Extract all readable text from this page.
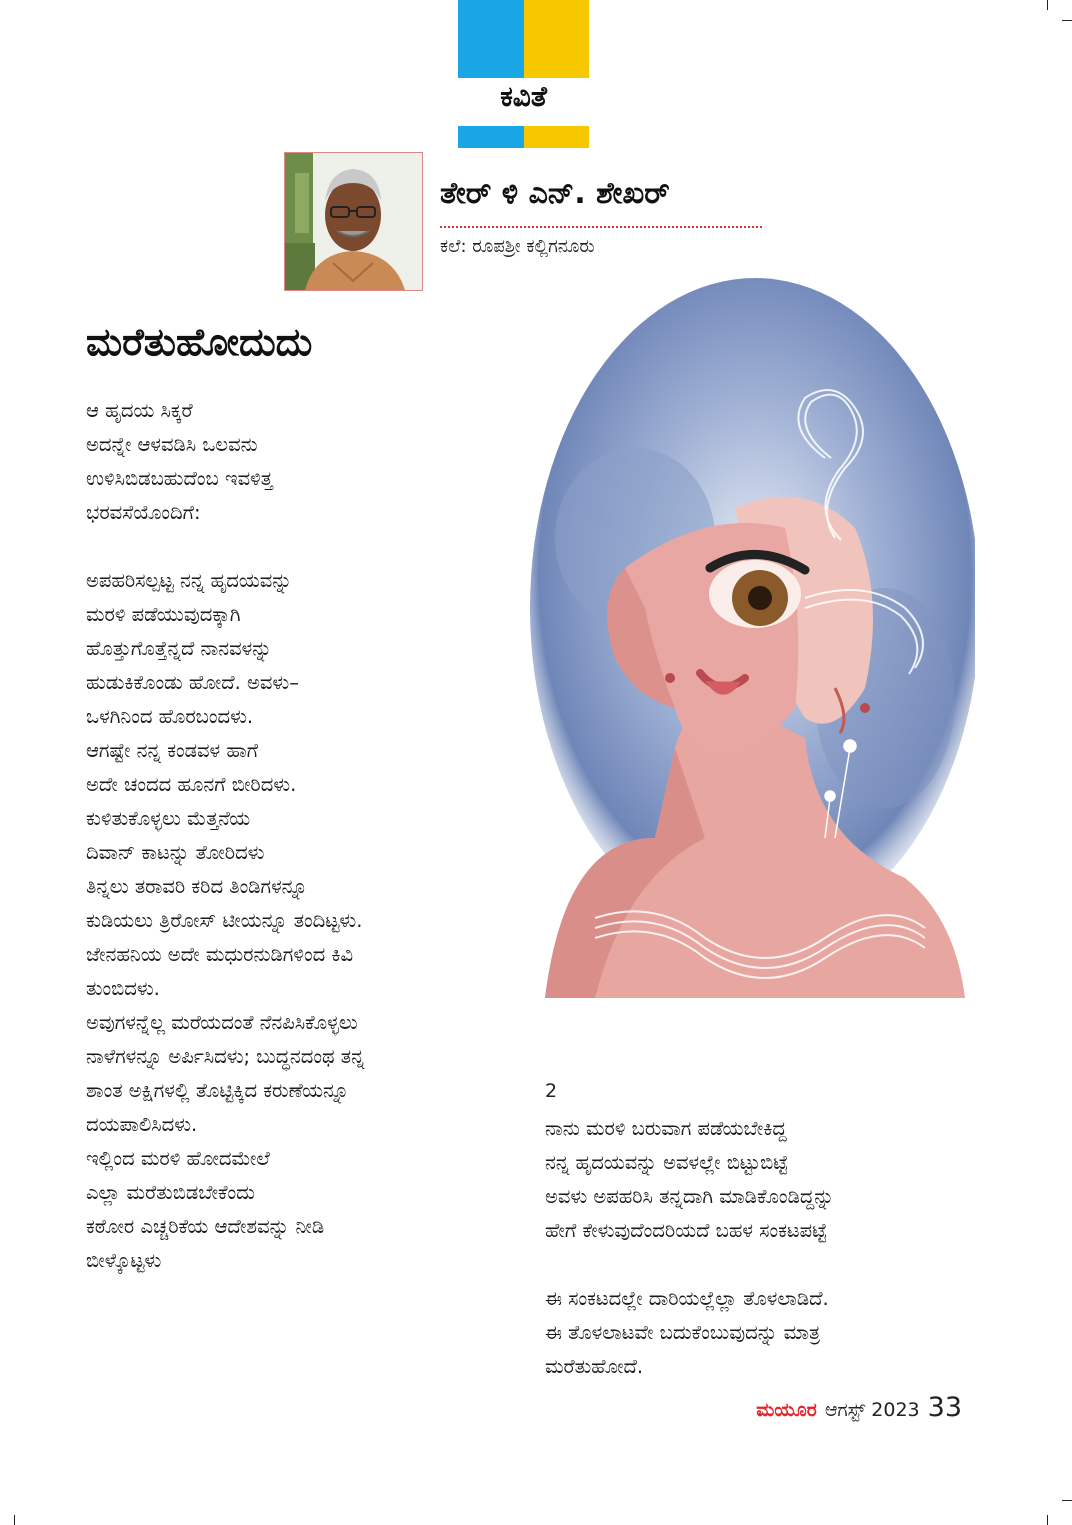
ಕವಿತೆ
ತೇರ್ ಳಿ ಎನ್. ಶೇಖರ್
ಕಲೆ: ರೂಪಶ್ರೀ ಕಲ್ಲಿಗನೂರು
ಮರೆತುಹೋದುದು
ಆ ಹೃದಯ ಸಿಕ್ಕರೆ
ಅದನ್ನೇ ಆಳವಡಿಸಿ ಒಲವನು
ಉಳಿಸಿಬಿಡಬಹುದೆಂಬ ಇವಳಿತ್ತ
ಭರವಸೆಯೊಂದಿಗೆ:
ಅಪಹರಿಸಲ್ಪಟ್ಟ ನನ್ನ ಹೃದಯವನ್ನು
ಮರಳಿ ಪಡೆಯುವುದಕ್ಕಾಗಿ
ಹೊತ್ತುಗೊತ್ತೆನ್ನದೆ ನಾನವಳನ್ನು
ಹುಡುಕಿಕೊಂಡು ಹೋದೆ. ಅವಳು–
ಒಳಗಿನಿಂದ ಹೊರಬಂದಳು.
ಆಗಷ್ಟೇ ನನ್ನ ಕಂಡವಳ ಹಾಗೆ
ಅದೇ ಚಂದದ ಹೂನಗೆ ಬೀರಿದಳು.
ಕುಳಿತುಕೊಳ್ಳಲು ಮೆತ್ತನೆಯ
ದಿವಾನ್ ಕಾಟನ್ನು ತೋರಿದಳು
ತಿನ್ನಲು ತರಾವರಿ ಕರಿದ ತಿಂಡಿಗಳನ್ನೂ
ಕುಡಿಯಲು ತ್ರಿರೋಸ್ ಟೀಯನ್ನೂ ತಂದಿಟ್ಟಳು.
ಜೇನಹನಿಯ ಅದೇ ಮಧುರನುಡಿಗಳಿಂದ ಕಿವಿ
ತುಂಬಿದಳು.
ಅವುಗಳನ್ನೆಲ್ಲ ಮರೆಯದಂತೆ ನೆನಪಿಸಿಕೊಳ್ಳಲು
ನಾಳೆಗಳನ್ನೂ ಅರ್ಪಿಸಿದಳು; ಬುದ್ಧನದಂಥ ತನ್ನ
ಶಾಂತ ಅಕ್ಷಿಗಳಲ್ಲಿ ತೊಟ್ಟಿಕ್ಕಿದ ಕರುಣೆಯನ್ನೂ
ದಯಪಾಲಿಸಿದಳು.
ಇಲ್ಲಿಂದ ಮರಳಿ ಹೋದಮೇಲೆ
ಎಲ್ಲಾ ಮರೆತುಬಿಡಬೇಕೆಂದು
ಕಠೋರ ಎಚ್ಚರಿಕೆಯ ಆದೇಶವನ್ನು ನೀಡಿ
ಬೀಳ್ಕೊಟ್ಟಳು
2
ನಾನು ಮರಳಿ ಬರುವಾಗ ಪಡೆಯಬೇಕಿದ್ದ
ನನ್ನ ಹೃದಯವನ್ನು ಅವಳಲ್ಲೇ ಬಿಟ್ಟುಬಿಟ್ಟೆ
ಅವಳು ಅಪಹರಿಸಿ ತನ್ನದಾಗಿ ಮಾಡಿಕೊಂಡಿದ್ದನ್ನು
ಹೇಗೆ ಕೇಳುವುದೆಂದರಿಯದೆ ಬಹಳ ಸಂಕಟಪಟ್ಟೆ
ಈ ಸಂಕಟದಲ್ಲೇ ದಾರಿಯಲ್ಲೆಲ್ಲಾ ತೊಳಲಾಡಿದೆ.
ಈ ತೊಳಲಾಟವೇ ಬದುಕೆಂಬುವುದನ್ನು ಮಾತ್ರ
ಮರೆತುಹೋದೆ.
ಮಯೂರ ಆಗಸ್ಟ್ 2023 33
